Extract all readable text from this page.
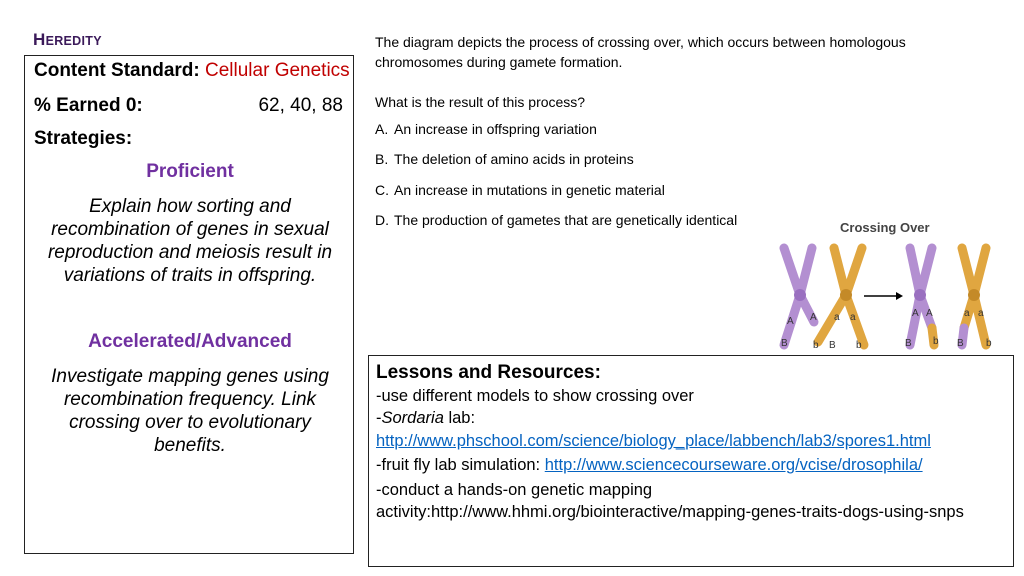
HEREDITY
Content Standard: Cellular Genetics
% Earned 0:	62, 40, 88
Strategies:
Proficient
Explain how sorting and recombination of genes in sexual reproduction and meiosis result in variations of traits in offspring.
Accelerated/Advanced
Investigate mapping genes using recombination frequency. Link crossing over to evolutionary benefits.
The diagram depicts the process of crossing over, which occurs between homologous chromosomes during gamete formation.
What is the result of this process?
A. An increase in offspring variation
B. The deletion of amino acids in proteins
C. An increase in mutations in genetic material
D. The production of gametes that are genetically identical	Crossing Over
A A a a
B	b B b
A A	a a
B b B b
Lessons and Resources:
-use different models to show crossing over
-Sordaria lab:
http://www.phschool.com/science/biology_place/labbench/lab3/spores1.html
-fruit fly lab simulation: http://www.sciencecourseware.org/vcise/drosophila/
-conduct a hands-on genetic mapping activity:http://www.hhmi.org/biointeractive/mapping-genes-traits-dogs-using-snps
